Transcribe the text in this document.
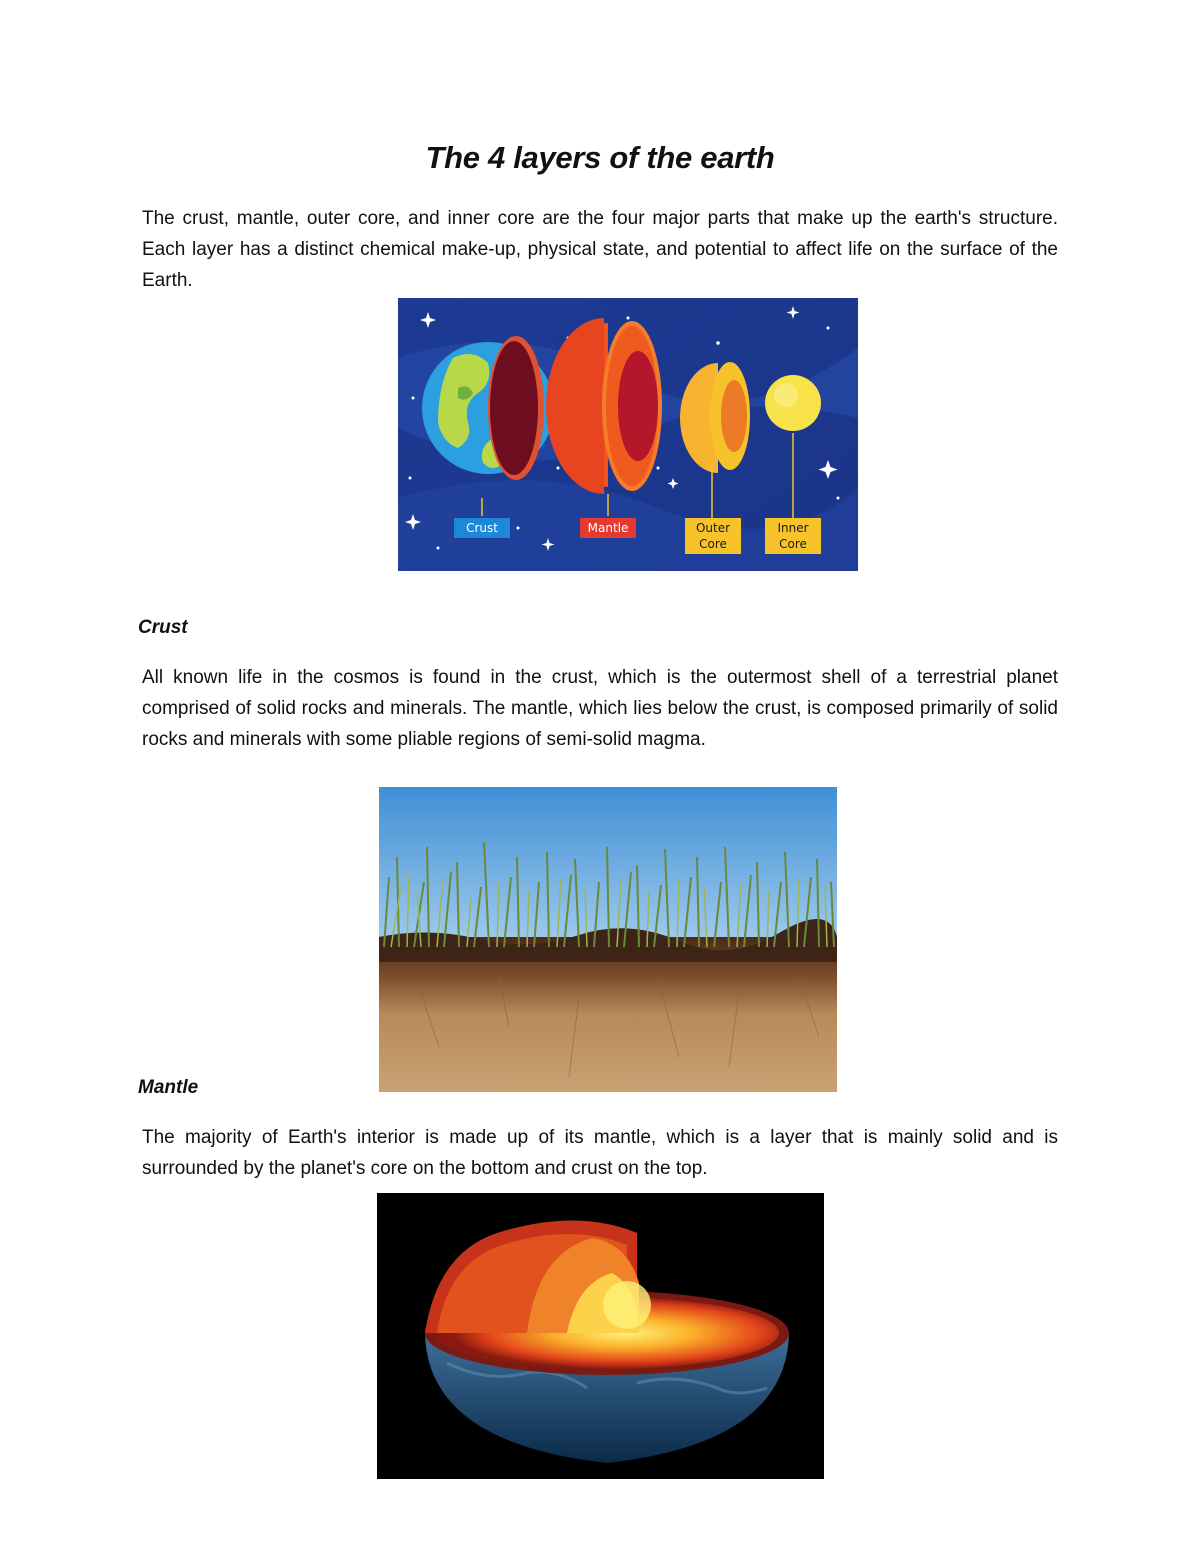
The 4 layers of the earth

The crust, mantle, outer core, and inner core are the four major parts that make up the earth's structure. Each layer has a distinct chemical make-up, physical state, and potential to affect life on the surface of the Earth.

Crust	Mantle	Outer
Core
Inner
Core
Crust

All known life in the cosmos is found in the crust, which is the outermost shell of a terrestrial planet comprised of solid rocks and minerals. The mantle, which lies below the crust, is composed primarily of solid rocks and minerals with some pliable regions of semi-solid magma.

Mantle

The majority of Earth's interior is made up of its mantle, which is a layer that is mainly solid and is surrounded by the planet's core on the bottom and crust on the top.
